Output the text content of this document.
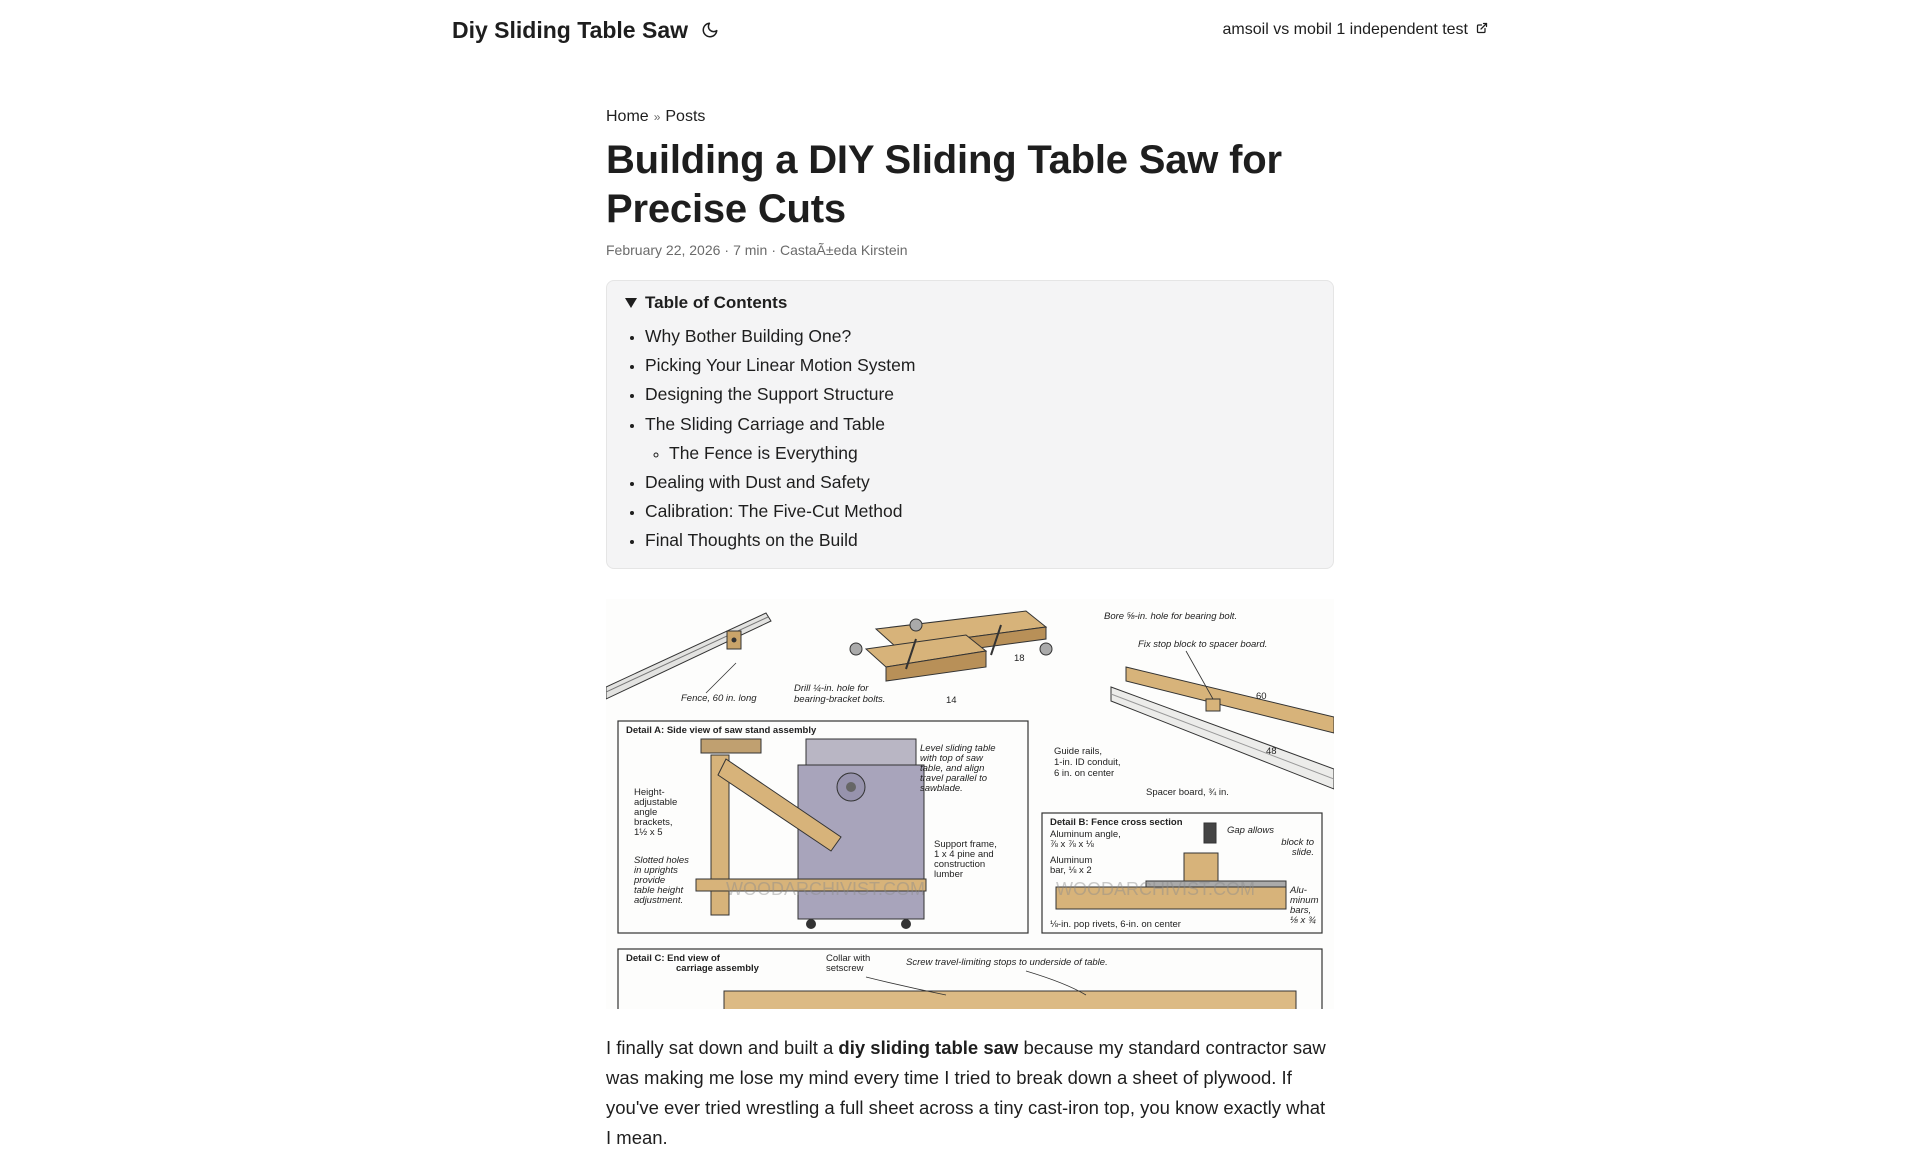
Diy Sliding Table Saw	amsoil vs mobil 1 independent test
Home » Posts
Building a DIY Sliding Table Saw for Precise Cuts
February 22, 2026 · 7 min · CastaÃ±eda Kirstein
Table of Contents
• Why Bother Building One?
• Picking Your Linear Motion System
• Designing the Support Structure
• The Sliding Carriage and Table
◦ The Fence is Everything
• Dealing with Dust and Safety
• Calibration: The Five-Cut Method
• Final Thoughts on the Build
Fence, 60 in. long
Drill ¼-in. hole for
bearing-bracket bolts.
18
14
Bore ⅝-in. hole for bearing bolt.
Fix stop block to spacer board.
60
48
Guide rails,
1-in. ID conduit,
6 in. on center
Spacer board, ¾ in.
Detail A: Side view of saw stand assembly
Level sliding table
with top of saw
table, and align
travel parallel to
sawblade.
Height-
adjustable
angle
brackets,
1½ x 5
Slotted holes
in uprights
provide
table height
adjustment.
Support frame,
1 x 4 pine and
construction
lumber
Detail B: Fence cross section
Aluminum angle,
⅞ x ⅞ x ⅛
Aluminum
bar, ⅛ x 2
Gap allows
block to
slide.
Alu-
minum
bars,
⅛ x ¾
⅛-in. pop rivets, 6-in. on center
WOODARCHIVIST.COM	WOODARCHIVIST.COM
Detail C: End view of
carriage assembly
Collar with
setscrew
Screw travel-limiting stops to underside of table.

I finally sat down and built a diy sliding table saw because my standard contractor saw was making me lose my mind every time I tried to break down a sheet of plywood. If you've ever tried wrestling a full sheet across a tiny cast-iron top, you know exactly what I mean.
